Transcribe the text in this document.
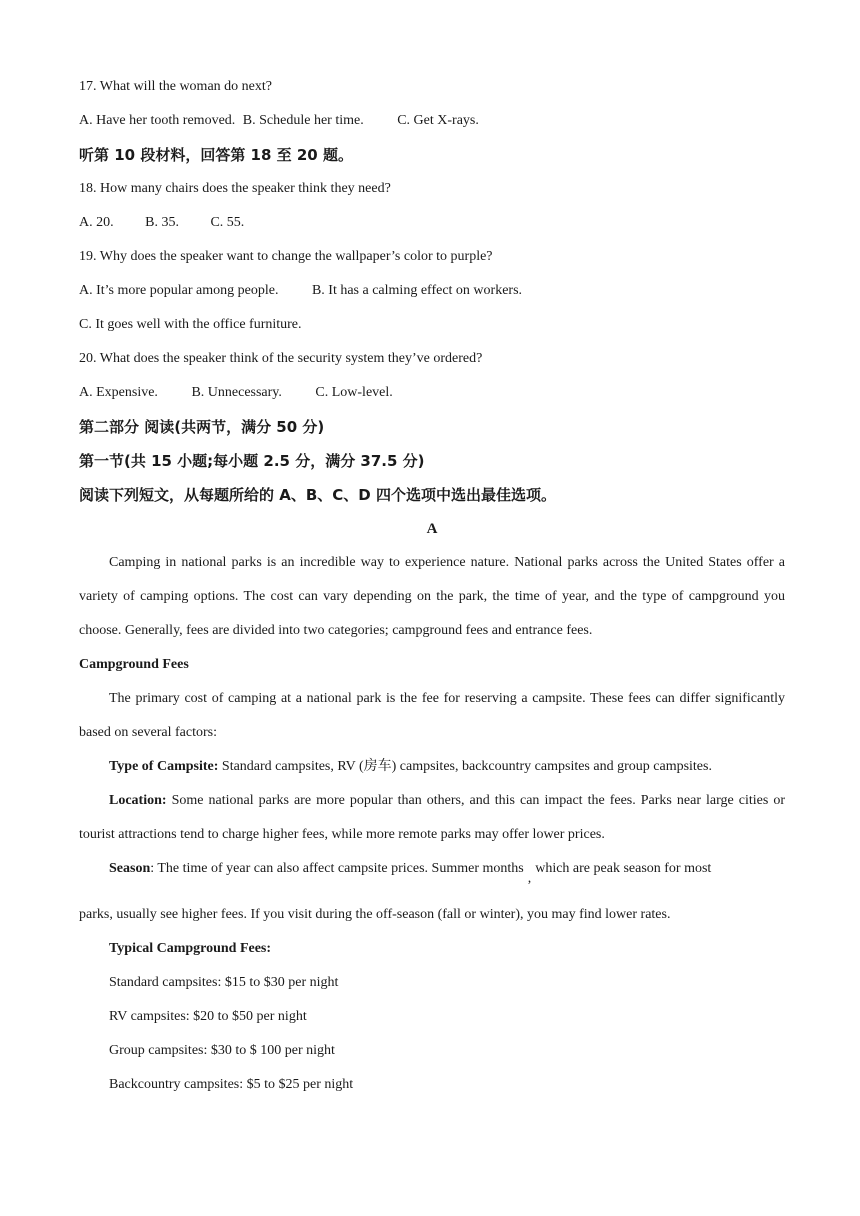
17. What will the woman do next?
A. Have her tooth removed. B. Schedule her time. C. Get X-rays.
听第 10 段材料，回答第 18 至 20 题。
18. How many chairs does the speaker think they need?
A. 20. B. 35. C. 55.
19. Why does the speaker want to change the wallpaper’s color to purple?
A. It’s more popular among people. B. It has a calming effect on workers.
C. It goes well with the office furniture.
20. What does the speaker think of the security system they’ve ordered?
A. Expensive. B. Unnecessary. C. Low-level.
第二部分 阅读(共两节，满分 50 分)
第一节(共 15 小题;每小题 2.5 分，满分 37.5 分)
阅读下列短文，从每题所给的 A、B、C、D 四个选项中选出最佳选项。
A

Camping in national parks is an incredible way to experience nature. National parks across the United States offer a variety of camping options. The cost can vary depending on the park, the time of year, and the type of campground you choose. Generally, fees are divided into two categories; campground fees and entrance fees.

Campground Fees

The primary cost of camping at a national park is the fee for reserving a campsite. These fees can differ significantly based on several factors:

Type of Campsite: Standard campsites, RV (房车) campsites, backcountry campsites and group campsites.

Location: Some national parks are more popular than others, and this can impact the fees. Parks near large cities or tourist attractions tend to charge higher fees, while more remote parks may offer lower prices.

Season: The time of year can also affect campsite prices. Summer months,which are peak season for most
parks, usually see higher fees. If you visit during the off-season (fall or winter), you may find lower rates.

Typical Campground Fees:
Standard campsites: $15 to $30 per night
RV campsites: $20 to $50 per night
Group campsites: $30 to $ 100 per night
Backcountry campsites: $5 to $25 per night
